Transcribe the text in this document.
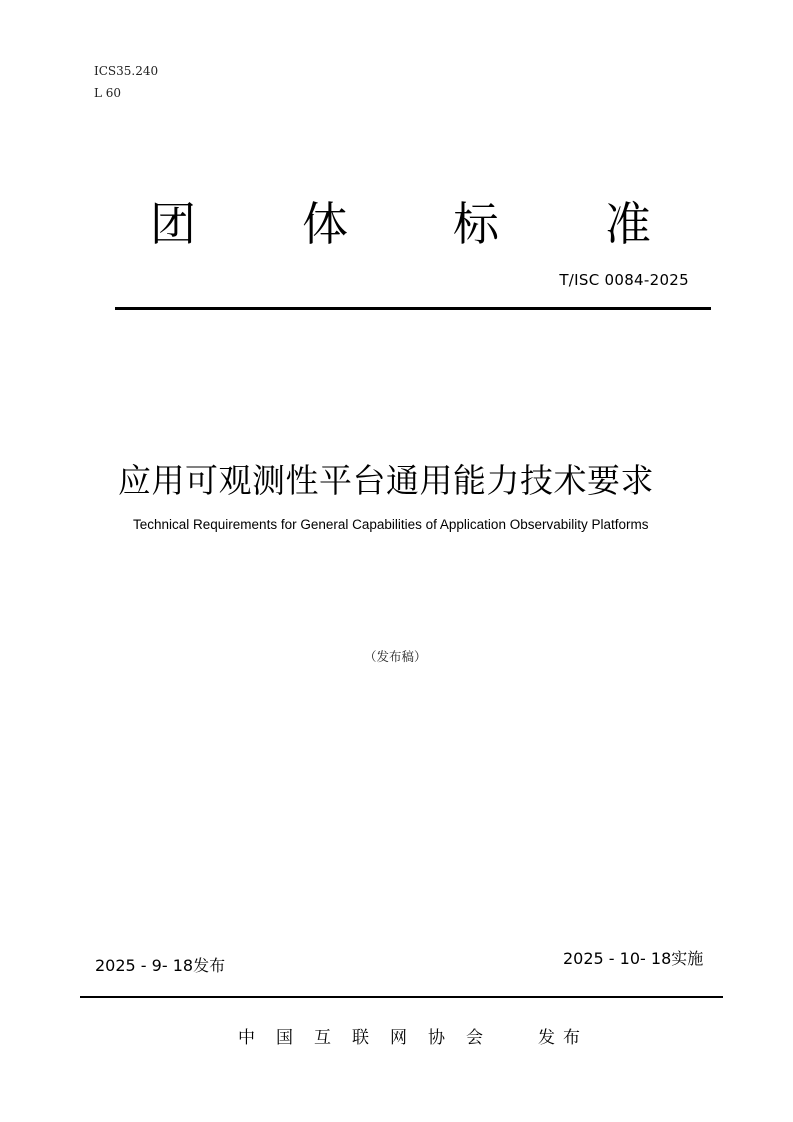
ICS35.240
L 60
团 体 标 准
T/ISC 0084-2025
应用可观测性平台通用能力技术要求
Technical Requirements for General Capabilities of Application Observability Platforms
（发布稿）
2025 - 9- 18发布	2025 - 10- 18实施
中 国 互 联 网 协 会	发 布
